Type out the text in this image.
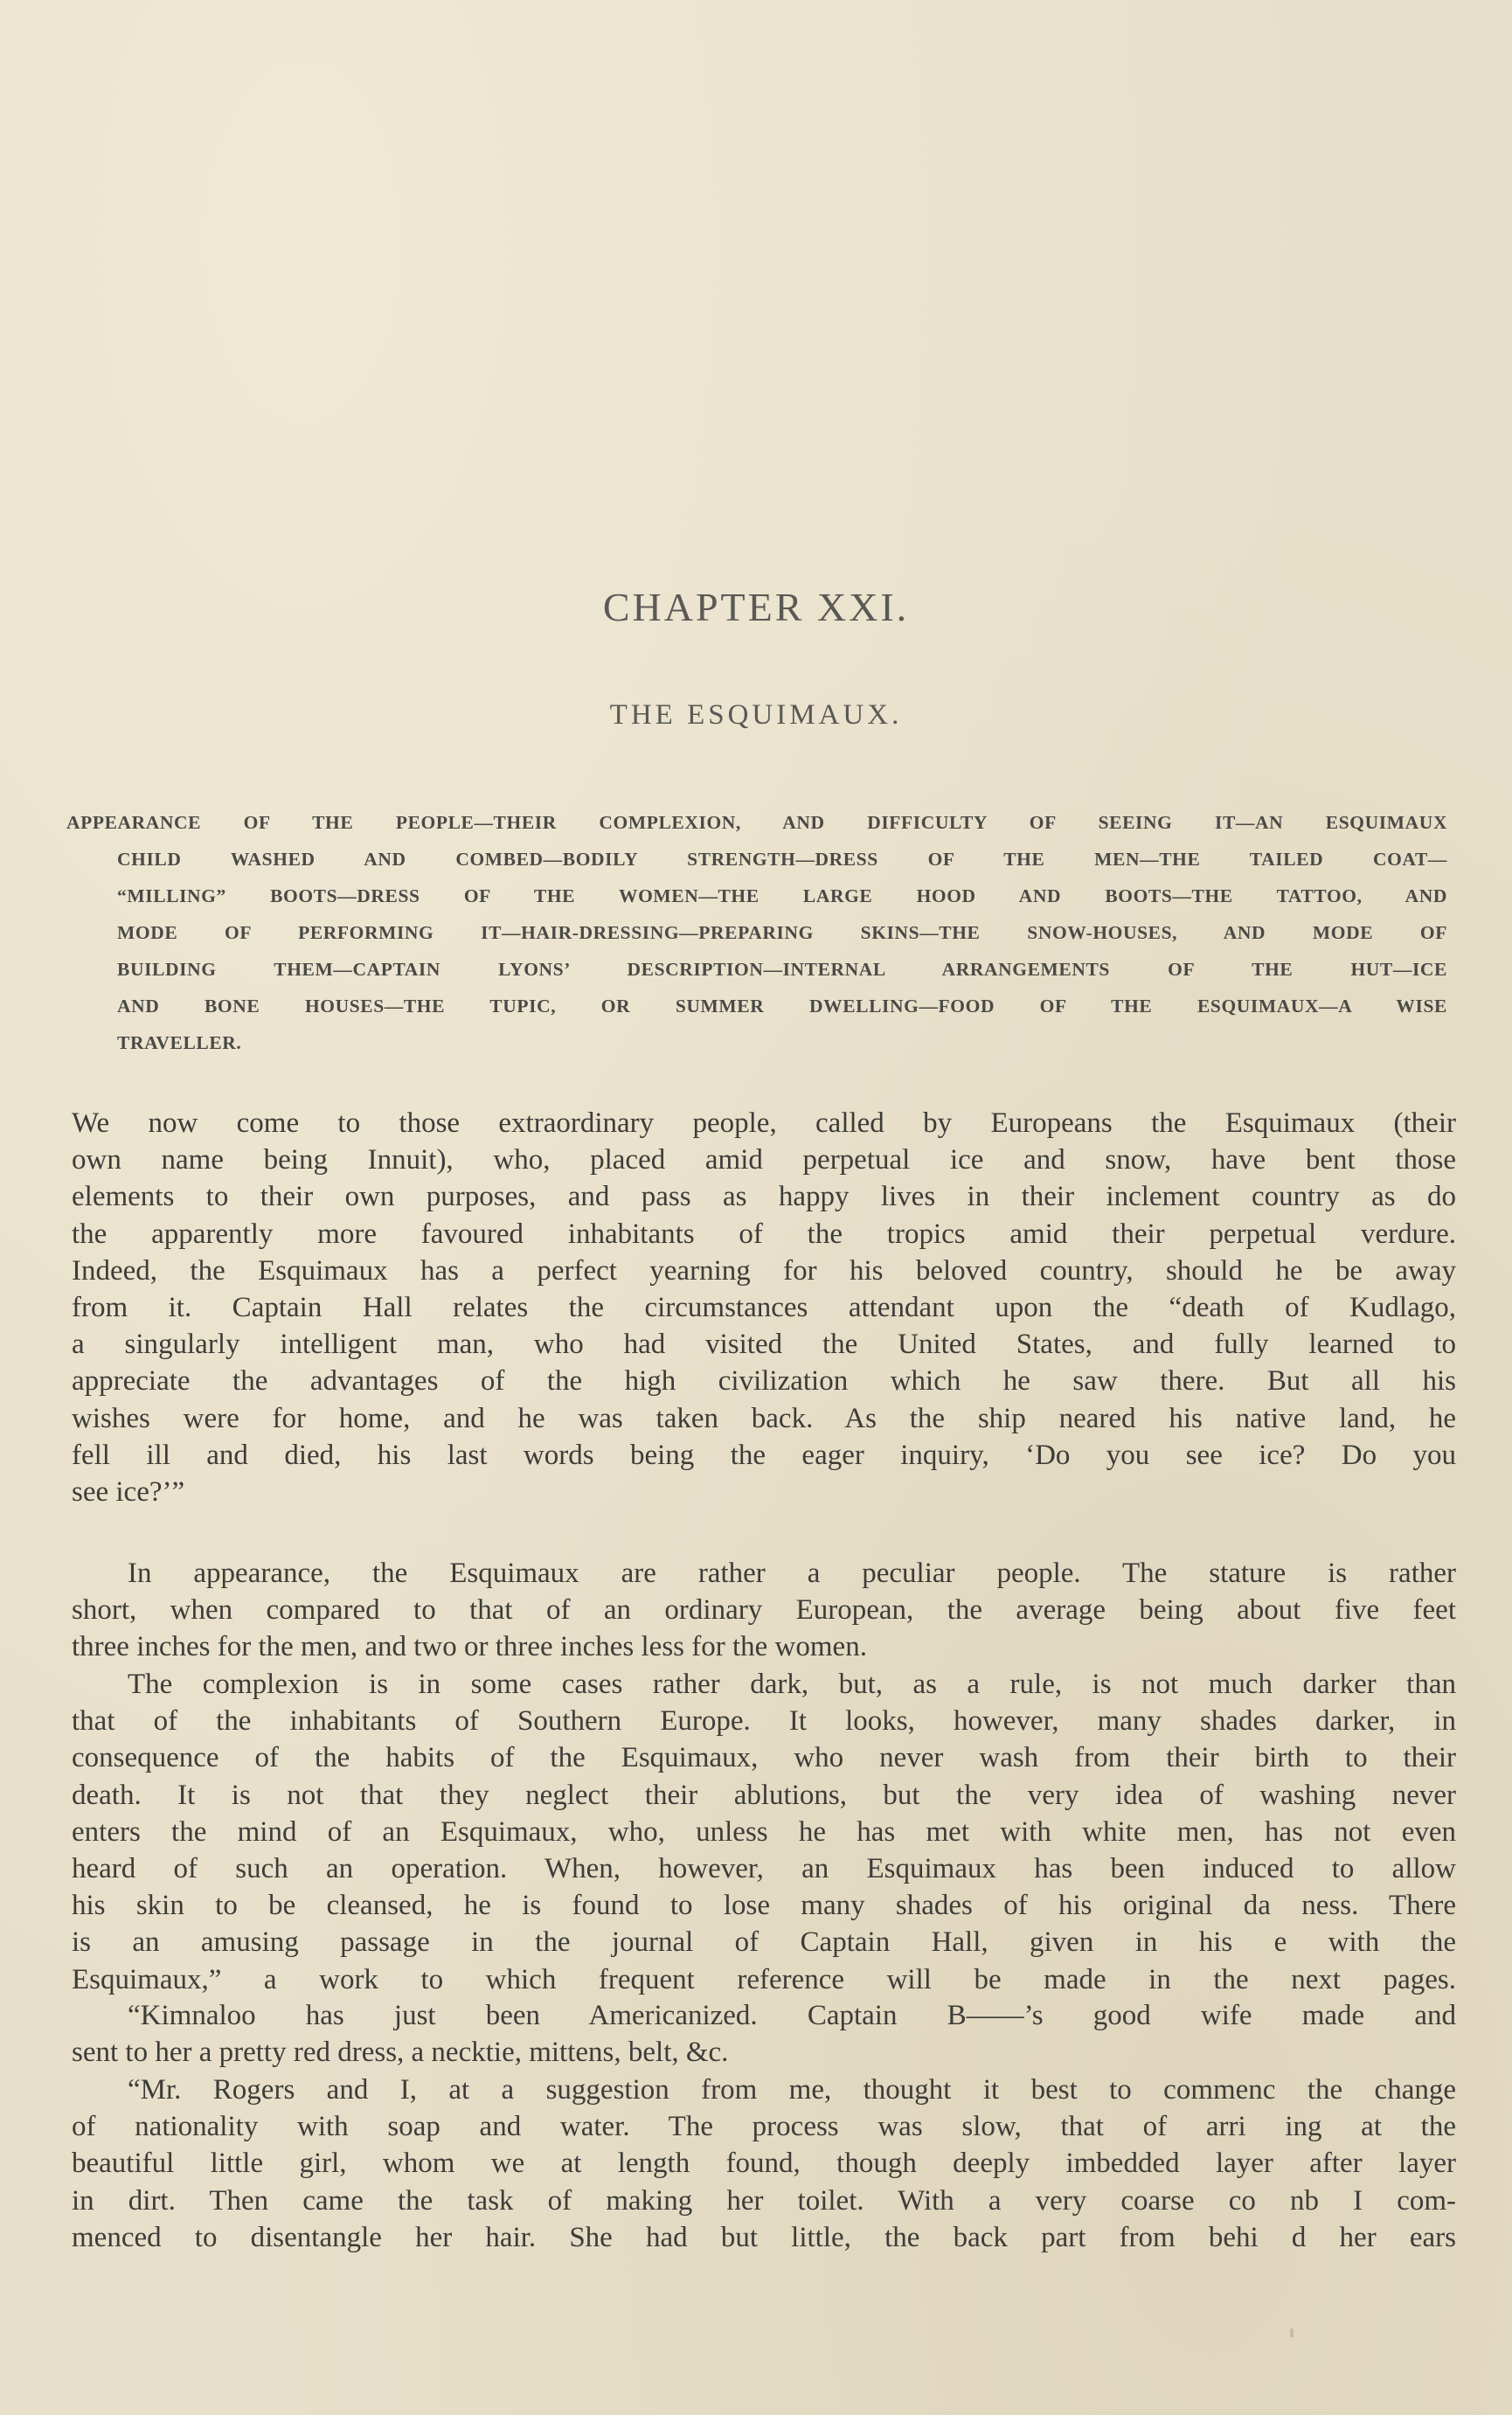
CHAPTER XXI.
THE ESQUIMAUX.
APPEARANCE OF THE PEOPLE—THEIR COMPLEXION, AND DIFFICULTY OF SEEING IT—AN ESQUIMAUX
CHILD WASHED AND COMBED—BODILY STRENGTH—DRESS OF THE MEN—THE TAILED COAT—
“MILLING” BOOTS—DRESS OF THE WOMEN—THE LARGE HOOD AND BOOTS—THE TATTOO, AND
MODE OF PERFORMING IT—HAIR-DRESSING—PREPARING SKINS—THE SNOW-HOUSES, AND MODE OF
BUILDING THEM—CAPTAIN LYONS’ DESCRIPTION—INTERNAL ARRANGEMENTS OF THE HUT—ICE
AND BONE HOUSES—THE TUPIC, OR SUMMER DWELLING—FOOD OF THE ESQUIMAUX—A WISE
TRAVELLER.
We now come to those extraordinary people, called by Europeans the Esquimaux (their
own name being Innuit), who, placed amid perpetual ice and snow, have bent those
elements to their own purposes, and pass as happy lives in their inclement country as do
the apparently more favoured inhabitants of the tropics amid their perpetual verdure.
Indeed, the Esquimaux has a perfect yearning for his beloved country, should he be away
from it. Captain Hall relates the circumstances attendant upon the “death of Kudlago,
a singularly intelligent man, who had visited the United States, and fully learned to
appreciate the advantages of the high civilization which he saw there. But all his
wishes were for home, and he was taken back. As the ship neared his native land, he
fell ill and died, his last words being the eager inquiry, ‘Do you see ice? Do you
see ice?’”
In appearance, the Esquimaux are rather a peculiar people. The stature is rather
short, when compared to that of an ordinary European, the average being about five feet
three inches for the men, and two or three inches less for the women.
The complexion is in some cases rather dark, but, as a rule, is not much darker than
that of the inhabitants of Southern Europe. It looks, however, many shades darker, in
consequence of the habits of the Esquimaux, who never wash from their birth to their
death. It is not that they neglect their ablutions, but the very idea of washing never
enters the mind of an Esquimaux, who, unless he has met with white men, has not even
heard of such an operation. When, however, an Esquimaux has been induced to allow
his skin to be cleansed, he is found to lose many shades of his original da ness. There
is an amusing passage in the journal of Captain Hall, given in his e with the
Esquimaux,” a work to which frequent reference will be made in the next pages.
“Kimnaloo has just been Americanized. Captain B——’s good wife made and
sent to her a pretty red dress, a necktie, mittens, belt, &c.
“Mr. Rogers and I, at a suggestion from me, thought it best to commenc the change
of nationality with soap and water. The process was slow, that of arri ing at the
beautiful little girl, whom we at length found, though deeply imbedded layer after layer
in dirt. Then came the task of making her toilet. With a very coarse co nb I com-
menced to disentangle her hair. She had but little, the back part from behi d her ears
